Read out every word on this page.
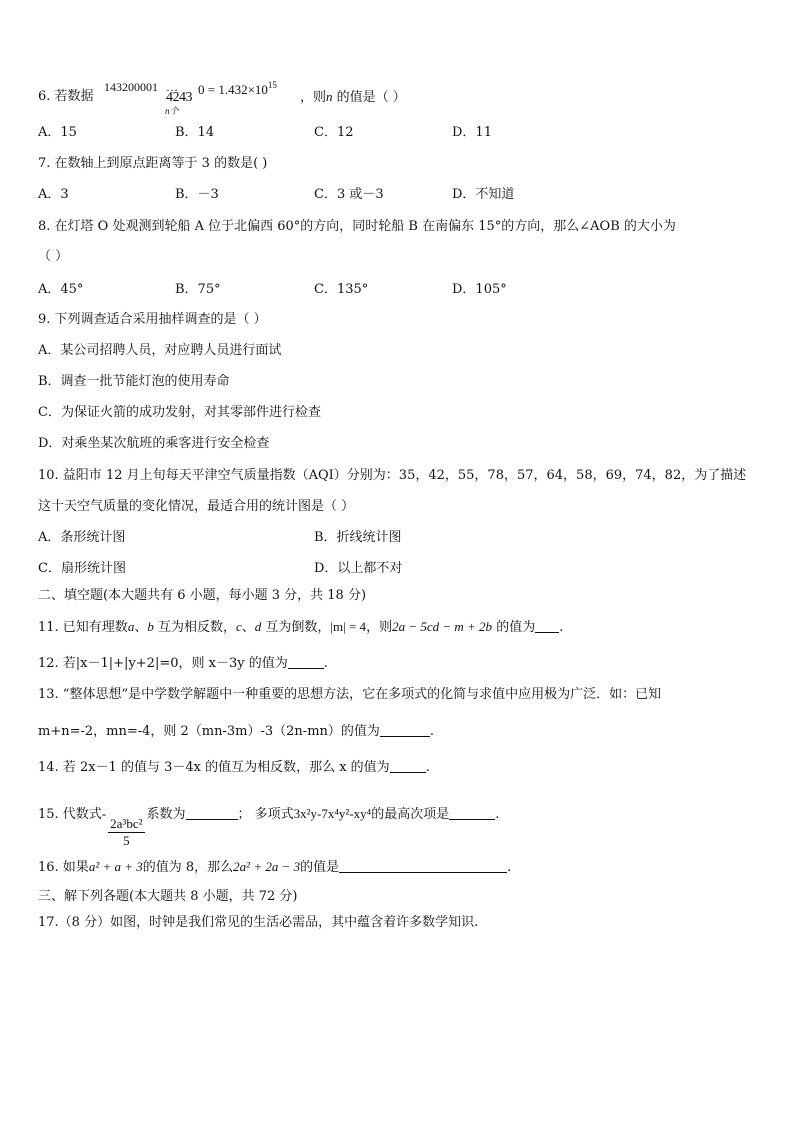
6. 若数据
143200001 …
4 2 4 3
$0 = 1.432\times 10^{15}$
n个
，则n 的值是（ ）
A．15	B．14	C．12	D．11
7. 在数轴上到原点距离等于 3 的数是( )
A．3	B．－3	C．3 或－3	D．不知道
8. 在灯塔 O 处观测到轮船 A 位于北偏西 60°的方向，同时轮船 B 在南偏东 15°的方向，那么∠AOB 的大小为
（ ）
A．45°	B．75°	C．135°	D．105°
9. 下列调查适合采用抽样调查的是（ ）
A．某公司招聘人员，对应聘人员进行面试
B．调查一批节能灯泡的使用寿命
C．为保证火箭的成功发射，对其零部件进行检查
D．对乘坐某次航班的乘客进行安全检查
10. 益阳市 12 月上旬每天平津空气质量指数（AQI）分别为：35，42，55，78，57，64，58，69，74，82，为了描述
这十天空气质量的变化情况，最适合用的统计图是（ ）
A．条形统计图	B．折线统计图
C．扇形统计图	D．以上都不对
二、填空题(本大题共有 6 小题，每小题 3 分，共 18 分)
11. 已知有理数a、b 互为相反数，c、d 互为倒数，|m| = 4，则2a − 5cd − m + 2b 的值为 .
12. 若|x－1|+|y+2|=0，则 x－3y 的值为	.
13. “整体思想”是中学数学解题中一种重要的思想方法，它在多项式的化简与求值中应用极为广泛．如：已知
m+n=-2，mn=-4，则 2（mn-3m）-3（2n-mn）的值为	.
14. 若 2x－1 的值与 3－4x 的值互为相反数，那么 x 的值为	.
15. 代数式-
$\frac{\text{2a³bc²}}{5}$
系数为	； 多项式3x²y-7x⁴y²-xy⁴的最高次项是	.
16. 如果a² + a + 3的值为 8，那么2a² + 2a − 3的值是	.
三、解下列各题(本大题共 8 小题，共 72 分)
17.（8 分）如图，时钟是我们常见的生活必需品，其中蕴含着许多数学知识.
